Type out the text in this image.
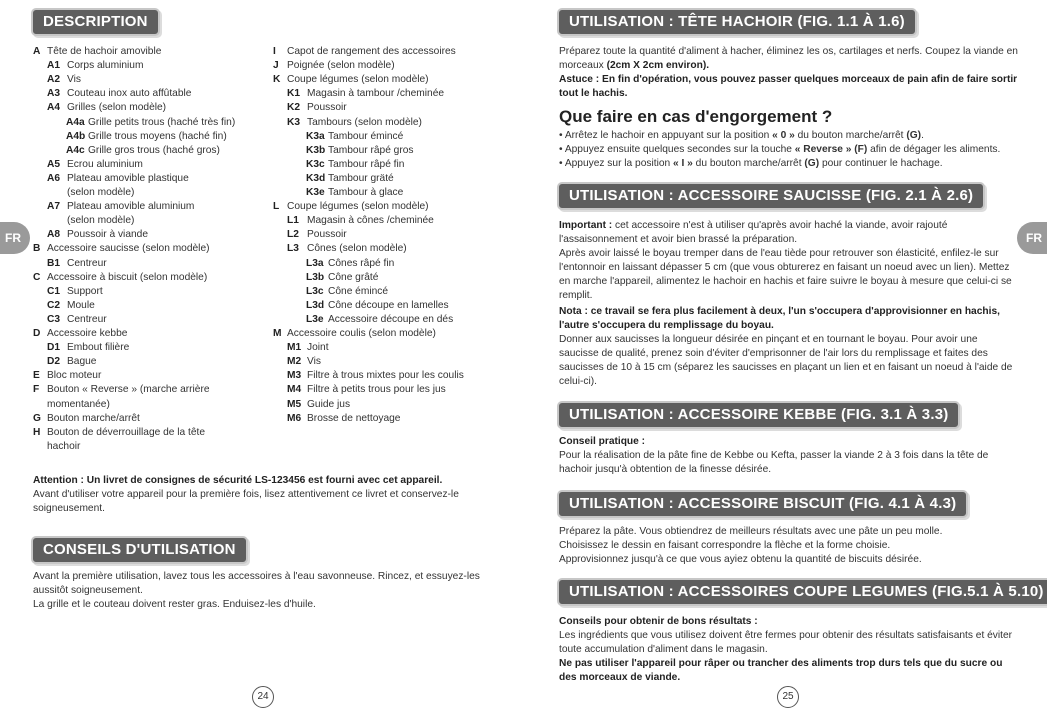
DESCRIPTION
A Tête de hachoir amovible
A1 Corps aluminium
A2 Vis
A3 Couteau inox auto affûtable
A4 Grilles (selon modèle)
A4a Grille petits trous (haché très fin)
A4b Grille trous moyens (haché fin)
A4c Grille gros trous (haché gros)
A5 Ecrou aluminium
A6 Plateau amovible plastique
(selon modèle)
A7 Plateau amovible aluminium
(selon modèle)
A8 Poussoir à viande
B Accessoire saucisse (selon modèle)
B1 Centreur
C Accessoire à biscuit (selon modèle)
C1 Support
C2 Moule
C3 Centreur
D Accessoire kebbe
D1 Embout filière
D2 Bague
E Bloc moteur
F Bouton « Reverse » (marche arrière
momentanée)
G Bouton marche/arrêt
H Bouton de déverrouillage de la tête
hachoir
I Capot de rangement des accessoires
J Poignée (selon modèle)
K Coupe légumes (selon modèle)
K1 Magasin à tambour /cheminée
K2 Poussoir
K3 Tambours (selon modèle)
K3a Tambour émincé
K3b Tambour râpé gros
K3c Tambour râpé fin
K3d Tambour gräté
K3e Tambour à glace
L Coupe légumes (selon modèle)
L1 Magasin à cônes /cheminée
L2 Poussoir
L3 Cônes (selon modèle)
L3a Cônes râpé fin
L3b Cône grâté
L3c Cône émincé
L3d Cône découpe en lamelles
L3e Accessoire découpe en dés
M Accessoire coulis (selon modèle)
M1 Joint
M2 Vis
M3 Filtre à trous mixtes pour les coulis
M4 Filtre à petits trous pour les jus
M5 Guide jus
M6 Brosse de nettoyage
FR
Attention : Un livret de consignes de sécurité LS-123456 est fourni avec cet appareil.
Avant d'utiliser votre appareil pour la première fois, lisez attentivement ce livret et conservez-le soigneusement.
CONSEILS D'UTILISATION
Avant la première utilisation, lavez tous les accessoires à l'eau savonneuse. Rincez, et essuyez-les aussitôt soigneusement.
La grille et le couteau doivent rester gras. Enduisez-les d'huile.
24
UTILISATION : TÊTE HACHOIR (FIG. 1.1 À 1.6)
Préparez toute la quantité d'aliment à hacher, éliminez les os, cartilages et nerfs. Coupez la viande en morceaux (2cm X 2cm environ).
Astuce : En fin d'opération, vous pouvez passer quelques morceaux de pain afin de faire sortir tout le hachis.
Que faire en cas d'engorgement ?
• Arrêtez le hachoir en appuyant sur la position « 0 » du bouton marche/arrêt (G).
• Appuyez ensuite quelques secondes sur la touche « Reverse » (F) afin de dégager les aliments.
• Appuyez sur la position « I » du bouton marche/arrêt (G) pour continuer le hachage.
UTILISATION : ACCESSOIRE SAUCISSE (FIG. 2.1 À 2.6)
Important : cet accessoire n'est à utiliser qu'après avoir haché la viande, avoir rajouté l'assaisonnement et avoir bien brassé la préparation.
Après avoir laissé le boyau tremper dans de l'eau tiède pour retrouver son élasticité, enfilez-le sur l'entonnoir en laissant dépasser 5 cm (que vous obturerez en faisant un noeud avec un lien). Mettez en marche l'appareil, alimentez le hachoir en hachis et faire suivre le boyau à mesure que celui-ci se remplit.
Nota : ce travail se fera plus facilement à deux, l'un s'occupera d'approvisionner en hachis, l'autre s'occupera du remplissage du boyau.
Donner aux saucisses la longueur désirée en pinçant et en tournant le boyau. Pour avoir une saucisse de qualité, prenez soin d'éviter d'emprisonner de l'air lors du remplissage et faites des saucisses de 10 à 15 cm (séparez les saucisses en plaçant un lien et en faisant un noeud à l'aide de celui-ci).
UTILISATION : ACCESSOIRE KEBBE (FIG. 3.1 À 3.3)
Conseil pratique :
Pour la réalisation de la pâte fine de Kebbe ou Kefta, passer la viande 2 à 3 fois dans la tête de hachoir jusqu'à obtention de la finesse désirée.
UTILISATION : ACCESSOIRE BISCUIT (FIG. 4.1 À 4.3)
Préparez la pâte. Vous obtiendrez de meilleurs résultats avec une pâte un peu molle.
Choisissez le dessin en faisant correspondre la flèche et la forme choisie.
Approvisionnez jusqu'à ce que vous ayiez obtenu la quantité de biscuits désirée.
UTILISATION : ACCESSOIRES COUPE LEGUMES (FIG.5.1 À 5.10)
Conseils pour obtenir de bons résultats :
Les ingrédients que vous utilisez doivent être fermes pour obtenir des résultats satisfaisants et éviter toute accumulation d'aliment dans le magasin.
Ne pas utiliser l'appareil pour râper ou trancher des aliments trop durs tels que du sucre ou des morceaux de viande.
FR
25
